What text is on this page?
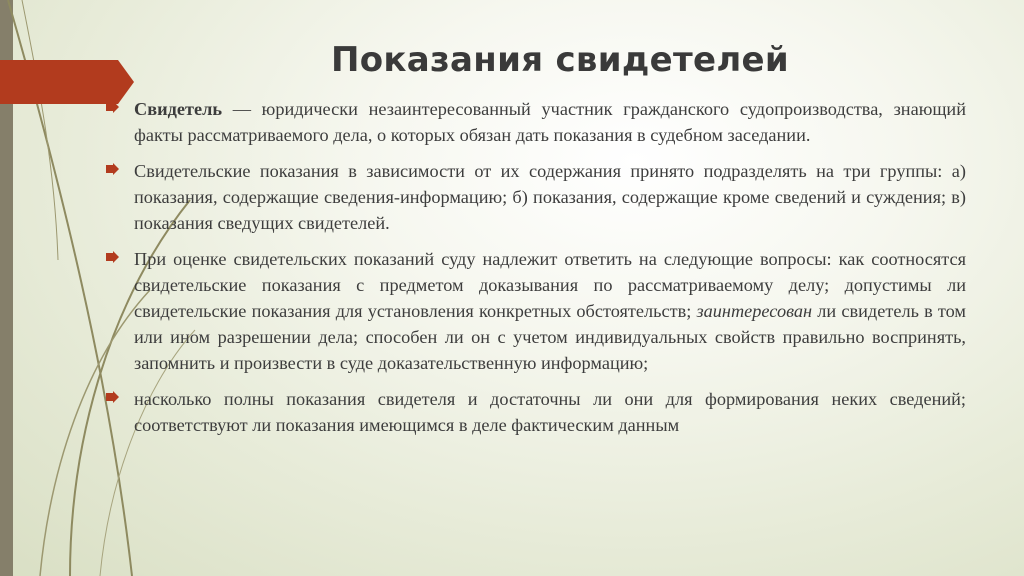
Показания свидетелей
Свидетель — юридически незаинтересованный участник гражданского судопроизводства, знающий факты рассматриваемого дела, о которых обязан дать показания в судебном заседании.
Свидетельские показания в зависимости от их содержания принято подразделять на три группы: а) показания, содержащие сведения-информацию; б) показания, содержащие кроме сведений и суждения; в) показания сведущих свидетелей.
При оценке свидетельских показаний суду надлежит ответить на следующие вопросы: как соотносятся свидетельские показания с предметом доказывания по рассматриваемому делу; допустимы ли свидетельские показания для установления конкретных обстоятельств; заинтересован ли свидетель в том или ином разрешении дела; способен ли он с учетом индивидуальных свойств правильно воспринять, запомнить и произвести в суде доказательственную информацию;
насколько полны показания свидетеля и достаточны ли они для формирования неких сведений; соответствуют ли показания имеющимся в деле фактическим данным
